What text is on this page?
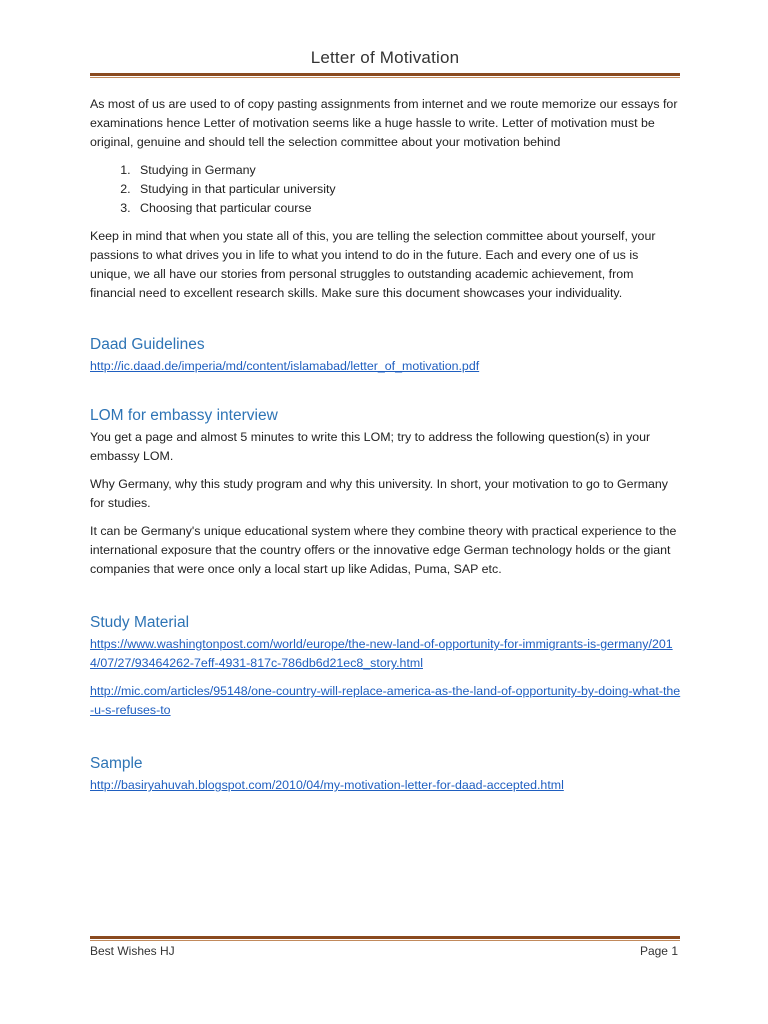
Letter of Motivation

As most of us are used to of copy pasting assignments from internet and we route memorize our essays for examinations hence Letter of motivation seems like a huge hassle to write. Letter of motivation must be original, genuine and should tell the selection committee about your motivation behind

1. Studying in Germany
2. Studying in that particular university
3. Choosing that particular course

Keep in mind that when you state all of this, you are telling the selection committee about yourself, your passions to what drives you in life to what you intend to do in the future. Each and every one of us is unique, we all have our stories from personal struggles to outstanding academic achievement, from financial need to excellent research skills. Make sure this document showcases your individuality.

Daad Guidelines
http://ic.daad.de/imperia/md/content/islamabad/letter_of_motivation.pdf
LOM for embassy interview

You get a page and almost 5 minutes to write this LOM; try to address the following question(s) in your embassy LOM.

Why Germany, why this study program and why this university. In short, your motivation to go to Germany for studies.

It can be Germany's unique educational system where they combine theory with practical experience to the international exposure that the country offers or the innovative edge German technology holds or the giant companies that were once only a local start up like Adidas, Puma, SAP etc.

Study Material

https://www.washingtonpost.com/world/europe/the-new-land-of-opportunity-for-immigrants-is-germany/2014/07/27/93464262-7eff-4931-817c-786db6d21ec8_story.html

http://mic.com/articles/95148/one-country-will-replace-america-as-the-land-of-opportunity-by-doing-what-the-u-s-refuses-to

Sample
http://basiryahuvah.blogspot.com/2010/04/my-motivation-letter-for-daad-accepted.html
Best Wishes HJ	Page 1
